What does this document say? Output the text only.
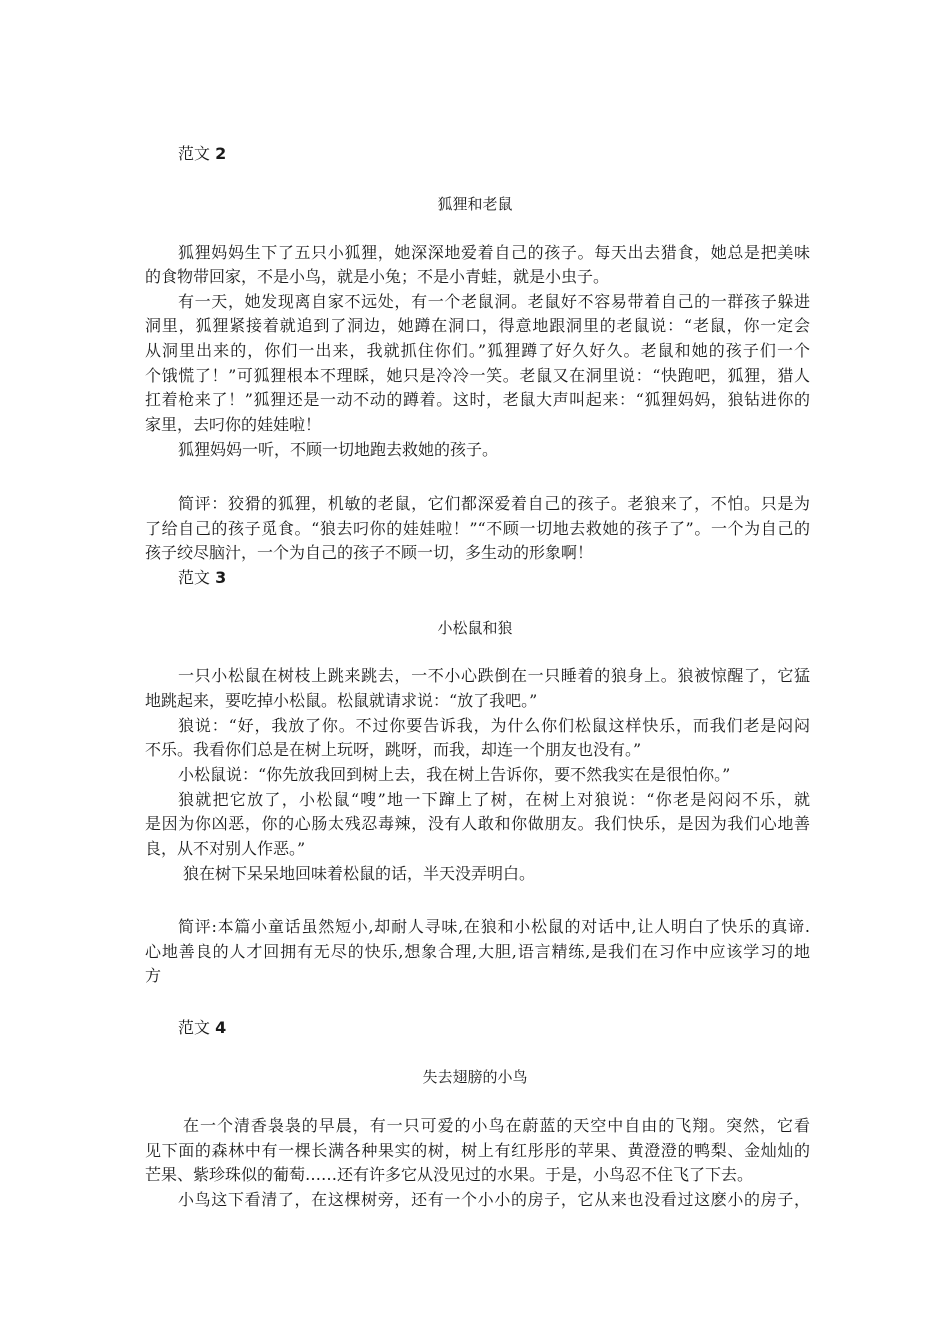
范文 2
狐狸和老鼠
狐狸妈妈生下了五只小狐狸，她深深地爱着自己的孩子。每天出去猎食，她总是把美味
的食物带回家，不是小鸟，就是小兔；不是小青蛙，就是小虫子。
有一天，她发现离自家不远处，有一个老鼠洞。老鼠好不容易带着自己的一群孩子躲进
洞里，狐狸紧接着就追到了洞边，她蹲在洞口，得意地跟洞里的老鼠说：“老鼠，你一定会
从洞里出来的，你们一出来，我就抓住你们。”狐狸蹲了好久好久。老鼠和她的孩子们一个
个饿慌了！”可狐狸根本不理睬，她只是冷冷一笑。老鼠又在洞里说：“快跑吧，狐狸，猎人
扛着枪来了！”狐狸还是一动不动的蹲着。这时，老鼠大声叫起来：“狐狸妈妈，狼钻进你的
家里，去叼你的娃娃啦！
狐狸妈妈一听，不顾一切地跑去救她的孩子。
简评：狡猾的狐狸，机敏的老鼠，它们都深爱着自己的孩子。老狼来了，不怕。只是为
了给自己的孩子觅食。“狼去叼你的娃娃啦！”“不顾一切地去救她的孩子了”。一个为自己的
孩子绞尽脑汁，一个为自己的孩子不顾一切，多生动的形象啊！
范文 3
小松鼠和狼
一只小松鼠在树枝上跳来跳去，一不小心跌倒在一只睡着的狼身上。狼被惊醒了，它猛
地跳起来，要吃掉小松鼠。松鼠就请求说：“放了我吧。”
狼说：“好，我放了你。不过你要告诉我，为什么你们松鼠这样快乐，而我们老是闷闷
不乐。我看你们总是在树上玩呀，跳呀，而我，却连一个朋友也没有。”
小松鼠说：“你先放我回到树上去，我在树上告诉你，要不然我实在是很怕你。”
狼就把它放了，小松鼠“嗖”地一下蹿上了树，在树上对狼说：“你老是闷闷不乐，就
是因为你凶恶，你的心肠太残忍毒辣，没有人敢和你做朋友。我们快乐，是因为我们心地善
良，从不对别人作恶。”
狼在树下呆呆地回味着松鼠的话，半天没弄明白。
简评:本篇小童话虽然短小,却耐人寻味,在狼和小松鼠的对话中,让人明白了快乐的真谛.
心地善良的人才回拥有无尽的快乐,想象合理,大胆,语言精练,是我们在习作中应该学习的地
方
范文 4
失去翅膀的小鸟
在一个清香袅袅的早晨，有一只可爱的小鸟在蔚蓝的天空中自由的飞翔。突然，它看
见下面的森林中有一棵长满各种果实的树，树上有红彤彤的苹果、黄澄澄的鸭梨、金灿灿的
芒果、紫珍珠似的葡萄……还有许多它从没见过的水果。于是，小鸟忍不住飞了下去。
小鸟这下看清了，在这棵树旁，还有一个小小的房子，它从来也没看过这麽小的房子，
